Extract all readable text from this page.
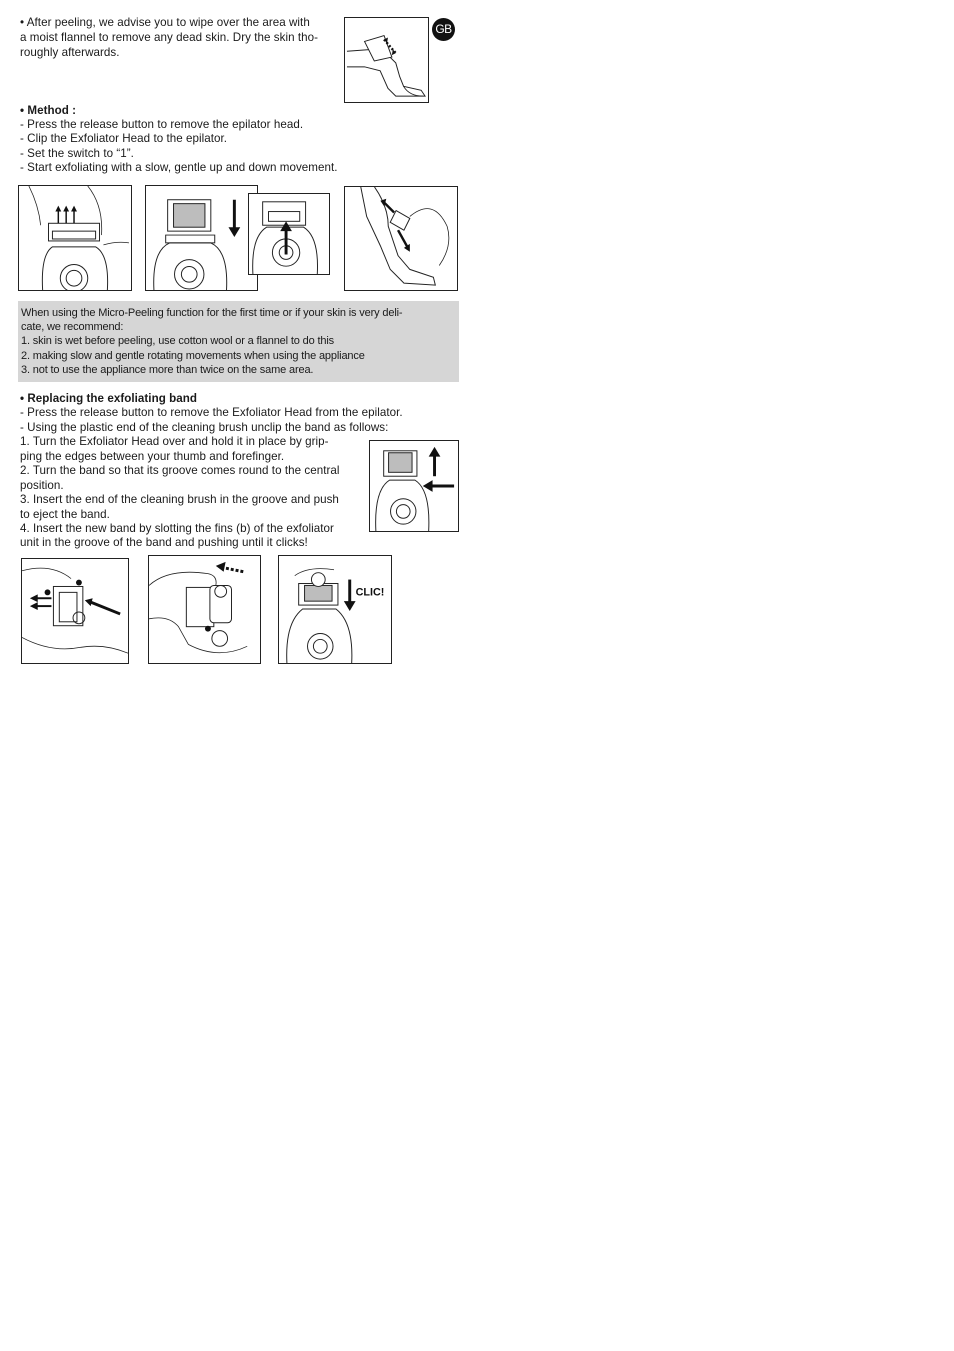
GB
• After peeling, we advise you to wipe over the area with
a moist flannel to remove any dead skin. Dry the skin tho-
roughly afterwards.
• Method :
- Press the release button to remove the epilator head.
- Clip the Exfoliator Head to the epilator.
- Set the switch to “1”.
- Start exfoliating with a slow, gentle up and down movement.
When using the Micro-Peeling function for the first time or if your skin is very deli-
cate, we recommend:
1. skin is wet before peeling, use cotton wool or a flannel to do this
2. making slow and gentle rotating movements when using the appliance
3. not to use the appliance more than twice on the same area.
• Replacing the exfoliating band
- Press the release button to remove the Exfoliator Head from the epilator.
- Using the plastic end of the cleaning brush unclip the band as follows:
1. Turn the Exfoliator Head over and hold it in place by grip-
ping the edges between your thumb and forefinger.
2. Turn the band so that its groove comes round to the central
position.
3. Insert the end of the cleaning brush in the groove and push
to eject the band.
4. Insert the new band by slotting the fins (b) of the exfoliator
unit in the groove of the band and pushing until it clicks!
CLIC!
